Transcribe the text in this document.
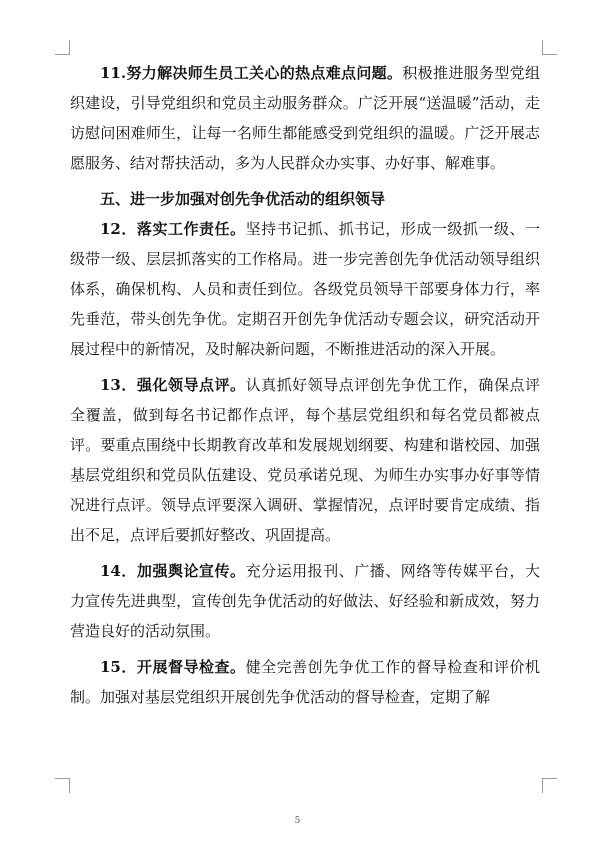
11.努力解决师生员工关心的热点难点问题。积极推进服务型党组织建设，引导党组织和党员主动服务群众。广泛开展“送温暖”活动，走访慰问困难师生，让每一名师生都能感受到党组织的温暖。广泛开展志愿服务、结对帮扶活动，多为人民群众办实事、办好事、解难事。

五、进一步加强对创先争优活动的组织领导

12．落实工作责任。坚持书记抓、抓书记，形成一级抓一级、一级带一级、层层抓落实的工作格局。进一步完善创先争优活动领导组织体系，确保机构、人员和责任到位。各级党员领导干部要身体力行，率先垂范，带头创先争优。定期召开创先争优活动专题会议，研究活动开展过程中的新情况，及时解决新问题，不断推进活动的深入开展。

13．强化领导点评。认真抓好领导点评创先争优工作，确保点评全覆盖，做到每名书记都作点评，每个基层党组织和每名党员都被点评。要重点围绕中长期教育改革和发展规划纲要、构建和谐校园、加强基层党组织和党员队伍建设、党员承诺兑现、为师生办实事办好事等情况进行点评。领导点评要深入调研、掌握情况，点评时要肯定成绩、指出不足，点评后要抓好整改、巩固提高。

14．加强舆论宣传。充分运用报刊、广播、网络等传媒平台，大力宣传先进典型，宣传创先争优活动的好做法、好经验和新成效，努力营造良好的活动氛围。

15．开展督导检查。健全完善创先争优工作的督导检查和评价机制。加强对基层党组织开展创先争优活动的督导检查，定期了解

5
